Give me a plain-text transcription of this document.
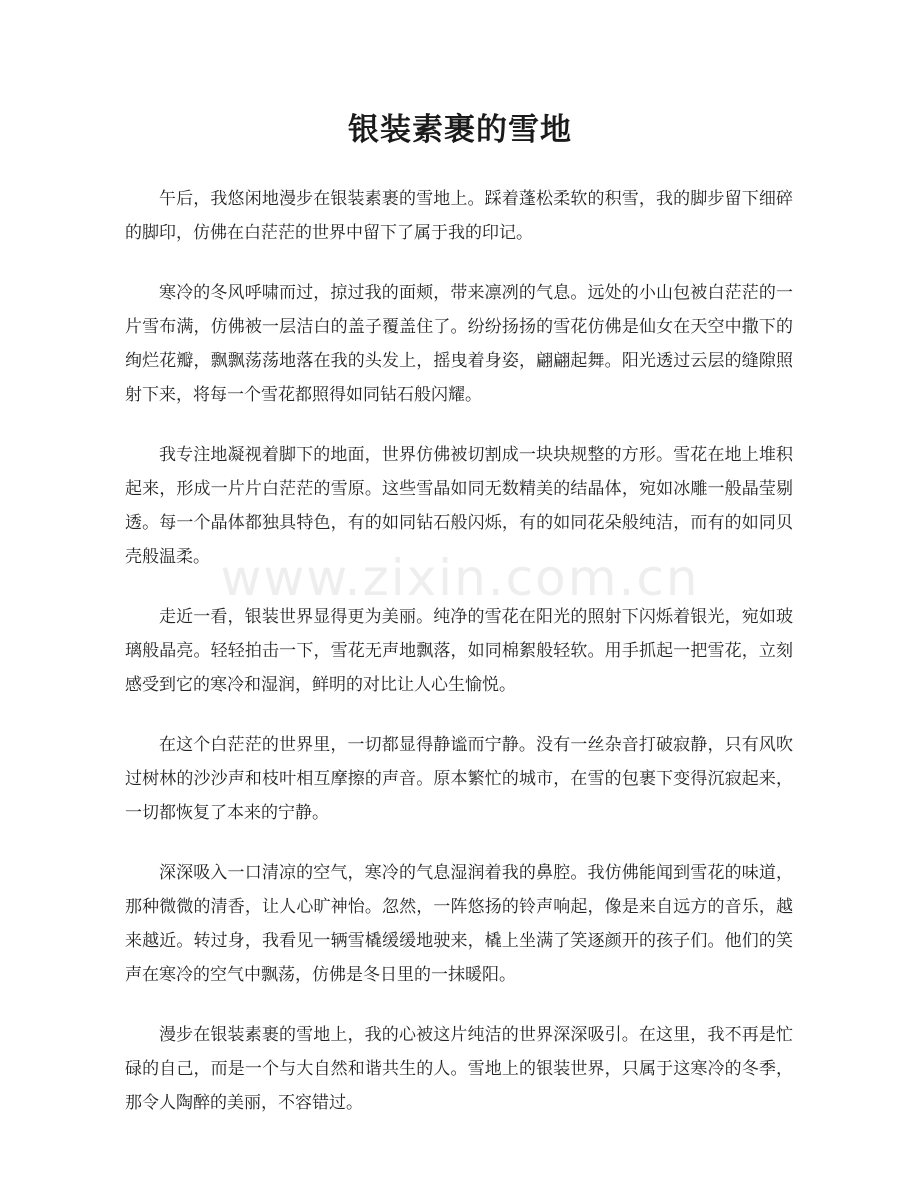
银装素裹的雪地

午后，我悠闲地漫步在银装素裹的雪地上。踩着蓬松柔软的积雪，我的脚步留下细碎的脚印，仿佛在白茫茫的世界中留下了属于我的印记。

寒冷的冬风呼啸而过，掠过我的面颊，带来凛冽的气息。远处的小山包被白茫茫的一片雪布满，仿佛被一层洁白的盖子覆盖住了。纷纷扬扬的雪花仿佛是仙女在天空中撒下的绚烂花瓣，飘飘荡荡地落在我的头发上，摇曳着身姿，翩翩起舞。阳光透过云层的缝隙照射下来，将每一个雪花都照得如同钻石般闪耀。

我专注地凝视着脚下的地面，世界仿佛被切割成一块块规整的方形。雪花在地上堆积起来，形成一片片白茫茫的雪原。这些雪晶如同无数精美的结晶体，宛如冰雕一般晶莹剔透。每一个晶体都独具特色，有的如同钻石般闪烁，有的如同花朵般纯洁，而有的如同贝壳般温柔。

走近一看，银装世界显得更为美丽。纯净的雪花在阳光的照射下闪烁着银光，宛如玻璃般晶亮。轻轻拍击一下，雪花无声地飘落，如同棉絮般轻软。用手抓起一把雪花，立刻感受到它的寒冷和湿润，鲜明的对比让人心生愉悦。

在这个白茫茫的世界里，一切都显得静谧而宁静。没有一丝杂音打破寂静，只有风吹过树林的沙沙声和枝叶相互摩擦的声音。原本繁忙的城市，在雪的包裹下变得沉寂起来，一切都恢复了本来的宁静。

深深吸入一口清凉的空气，寒冷的气息湿润着我的鼻腔。我仿佛能闻到雪花的味道，那种微微的清香，让人心旷神怡。忽然，一阵悠扬的铃声响起，像是来自远方的音乐，越来越近。转过身，我看见一辆雪橇缓缓地驶来，橇上坐满了笑逐颜开的孩子们。他们的笑声在寒冷的空气中飘荡，仿佛是冬日里的一抹暖阳。

漫步在银装素裹的雪地上，我的心被这片纯洁的世界深深吸引。在这里，我不再是忙碌的自己，而是一个与大自然和谐共生的人。雪地上的银装世界，只属于这寒冷的冬季，那令人陶醉的美丽，不容错过。

www.zixin.com.cn
